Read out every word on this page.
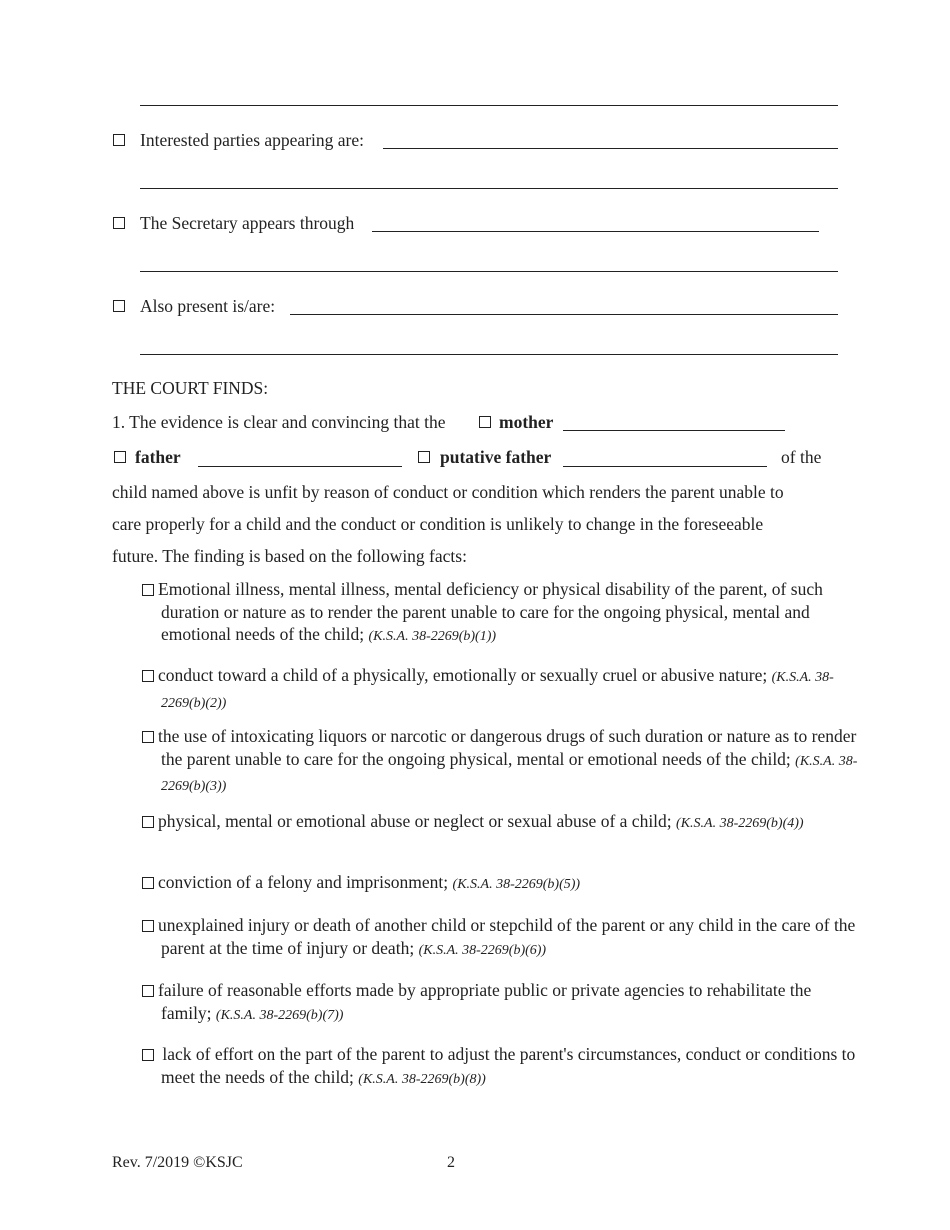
Interested parties appearing are:
The Secretary appears through
Also present is/are:
THE COURT FINDS:
1. The evidence is clear and convincing that the	mother
father	putative father	of the
child named above is unfit by reason of conduct or condition which renders the parent unable to
care properly for a child and the conduct or condition is unlikely to change in the foreseeable
future. The finding is based on the following facts:
Emotional illness, mental illness, mental deficiency or physical disability of the parent, of such duration or nature as to render the parent unable to care for the ongoing physical, mental and emotional needs of the child; (K.S.A. 38-2269(b)(1))
conduct toward a child of a physically, emotionally or sexually cruel or abusive nature; (K.S.A. 38-2269(b)(2))
the use of intoxicating liquors or narcotic or dangerous drugs of such duration or nature as to render the parent unable to care for the ongoing physical, mental or emotional needs of the child; (K.S.A. 38-2269(b)(3))
physical, mental or emotional abuse or neglect or sexual abuse of a child; (K.S.A. 38-2269(b)(4))
conviction of a felony and imprisonment; (K.S.A. 38-2269(b)(5))
unexplained injury or death of another child or stepchild of the parent or any child in the care of the parent at the time of injury or death; (K.S.A. 38-2269(b)(6))
failure of reasonable efforts made by appropriate public or private agencies to rehabilitate the family; (K.S.A. 38-2269(b)(7))
lack of effort on the part of the parent to adjust the parent's circumstances, conduct or conditions to meet the needs of the child; (K.S.A. 38-2269(b)(8))
Rev. 7/2019 ©KSJC	2
